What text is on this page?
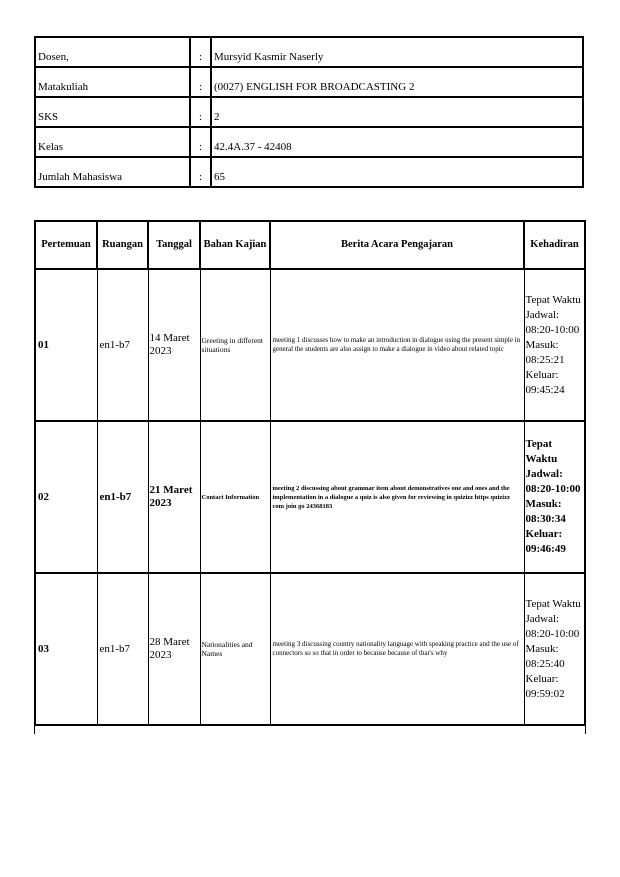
Dosen,	:	Mursyid Kasmir Naserly
Matakuliah	:	(0027) ENGLISH FOR BROADCASTING 2
SKS	:	2
Kelas	:	42.4A.37 - 42408
Jumlah Mahasiswa	:	65
Pertemuan	Ruangan	Tanggal	Bahan Kajian	Berita Acara Pengajaran	Kehadiran
01	en1-b7	14 Maret 2023	Greeting in different situations	meeting 1 discusses how to make an introduction in dialogue using the present simple in general the students are also assign to make a dialogue in video about related topic	Tepat Waktu
Jadwal: 08:20-10:00
Masuk: 08:25:21
Keluar: 09:45:24

02	en1-b7	21 Maret 2023	Contact Information	meeting 2 discussing about grammar item about demonstratives one and ones and the implementation in a dialogue a quiz is also given for reviewing in quizizz https quizizz com join go 24368183	Tepat Waktu
Jadwal: 08:20-10:00
Masuk: 08:30:34
Keluar: 09:46:49

03	en1-b7	28 Maret 2023	Nationalities and Names	meeting 3 discussing country nationality language with speaking practice and the use of connectors so so that in order to because because of that's why	Tepat Waktu
Jadwal: 08:20-10:00
Masuk: 08:25:40
Keluar: 09:59:02
